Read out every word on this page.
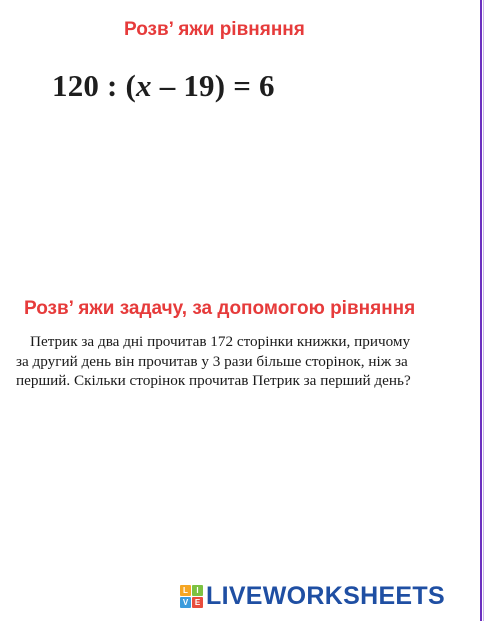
Розв’ яжи рівняння
120 : (x – 19) = 6
Розв’ яжи задачу, за допомогою рівняння
Петрик за два дні прочитав 172 сторінки книжки, причому
за другий день він прочитав у 3 рази більше сторінок, ніж за
перший. Скільки сторінок прочитав Петрик за перший день?
L	I
V E LIVEWORKSHEETS
